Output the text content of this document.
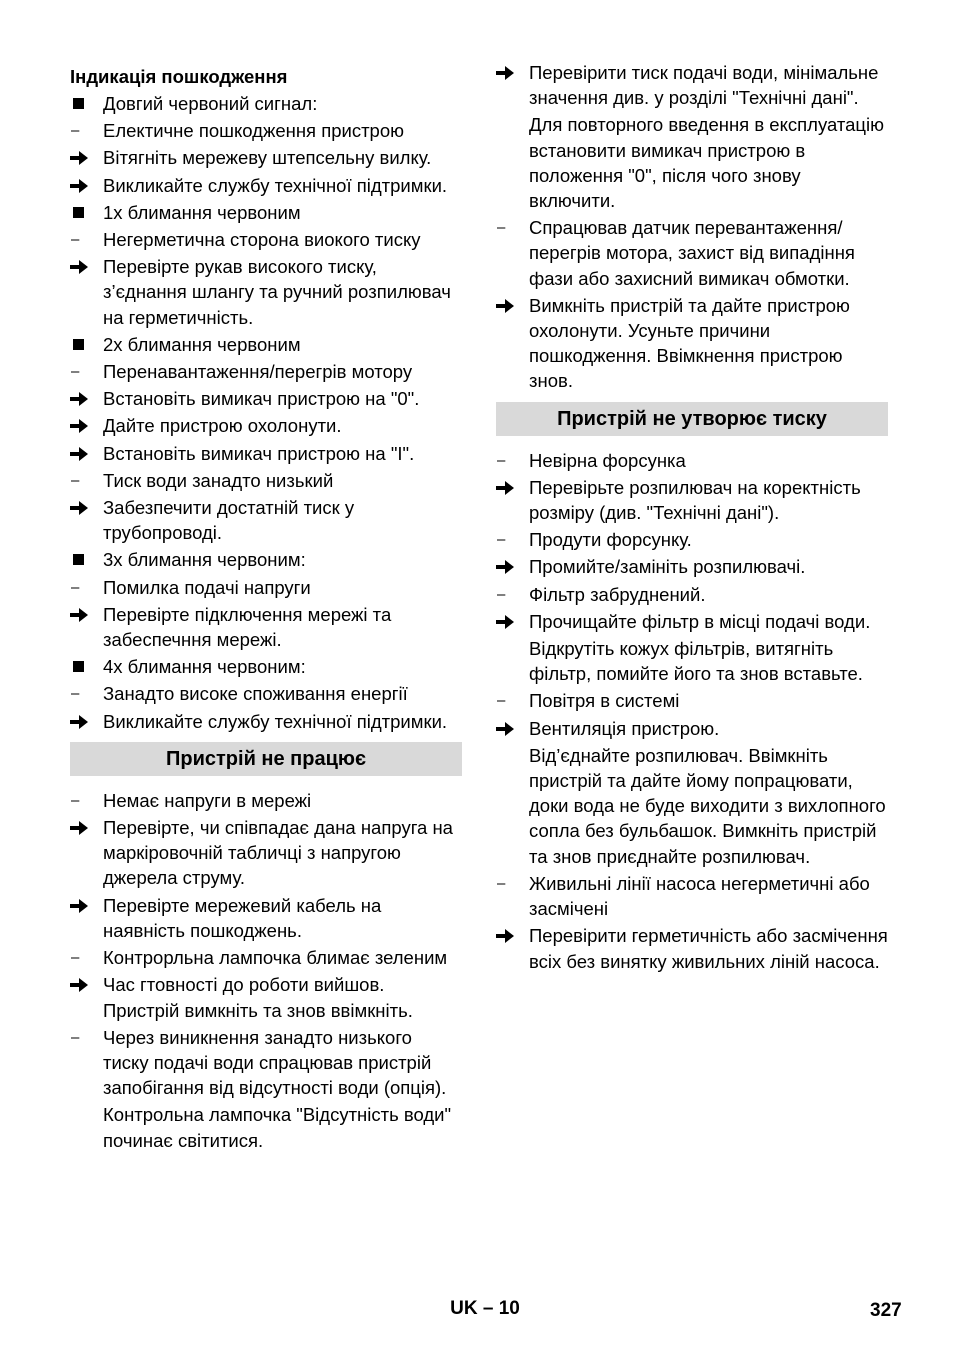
Індикація пошкодження
Довгий червоний сигнал:
Електичне пошкодження пристрою
Вітягніть мережеву штепсельну вилку.
Викликайте службу технічної підтримки.
1x блимання червоним
Негерметична сторона виокого тиску
Перевірте рукав високого тиску, з’єднання шлангу та ручний розпилювач на герметичність.
2x блимання червоним
Перенавантаження/перегрів мотору
Встановіть вимикач пристрою на "0".
Дайте пристрою охолонути.
Встановіть вимикач пристрою на "I".
Тиск води занадто низький
Забезпечити достатній тиск у трубопроводі.
3x блимання червоним:
Помилка подачі напруги
Перевірте підключення мережі та забеспечння мережі.
4x блимання червоним:
Занадто високе споживання енергії
Викликайте службу технічної підтримки.
Пристрій не працює
Немає напруги в мережі
Перевірте, чи співпадає дана напруга на маркіровочній табличці з напругою джерела струму.
Перевірте мережевий кабель на наявність пошкоджень.
Контрорльна лампочка блимає зеленим
Час гтовності до роботи вийшов. Пристрій вимкніть та знов ввімкніть.
Через виникнення занадто низького тиску подачі води спрацював пристрій запобігання від відсутності води (опція).
Контрольна лампочка "Відсутність води" починає світитися.
Перевірити тиск подачі води, мінімальне значення див. у розділі "Технічні дані".
Для повторного введення в експлуатацію встановити вимикач пристрою в положення "0", після чого знову включити.
Спрацював датчик перевантаження/перегрів мотора, захист від випадіння фази або захисний вимикач обмотки.
Вимкніть пристрій та дайте пристрою охолонути. Усуньте причини пошкодження. Ввімкнення пристрою знов.
Пристрій не утворює тиску
Невірна форсунка
Перевірьте розпилювач на коректність розміру (див. "Технічні дані").
Продути форсунку.
Промийте/замініть розпилювачі.
Фільтр забруднений.
Прочищайте фільтр в місці подачі води.
Відкрутіть кожух фільтрів, витягніть фільтр, помийте його та знов вставьте.
Повітря в системі
Вентиляція пристрою.
Від’єднайте розпилювач. Ввімкніть пристрій та дайте йому попрацювати, доки вода не буде виходити з вихлопного сопла без бульбашок. Вимкніть пристрій та знов приєднайте розпилювач.
Живильні лінії насоса негерметичні або засмічені
Перевірити герметичність або засмічення всіх без винятку живильних ліній насоса.
UK – 10	327
